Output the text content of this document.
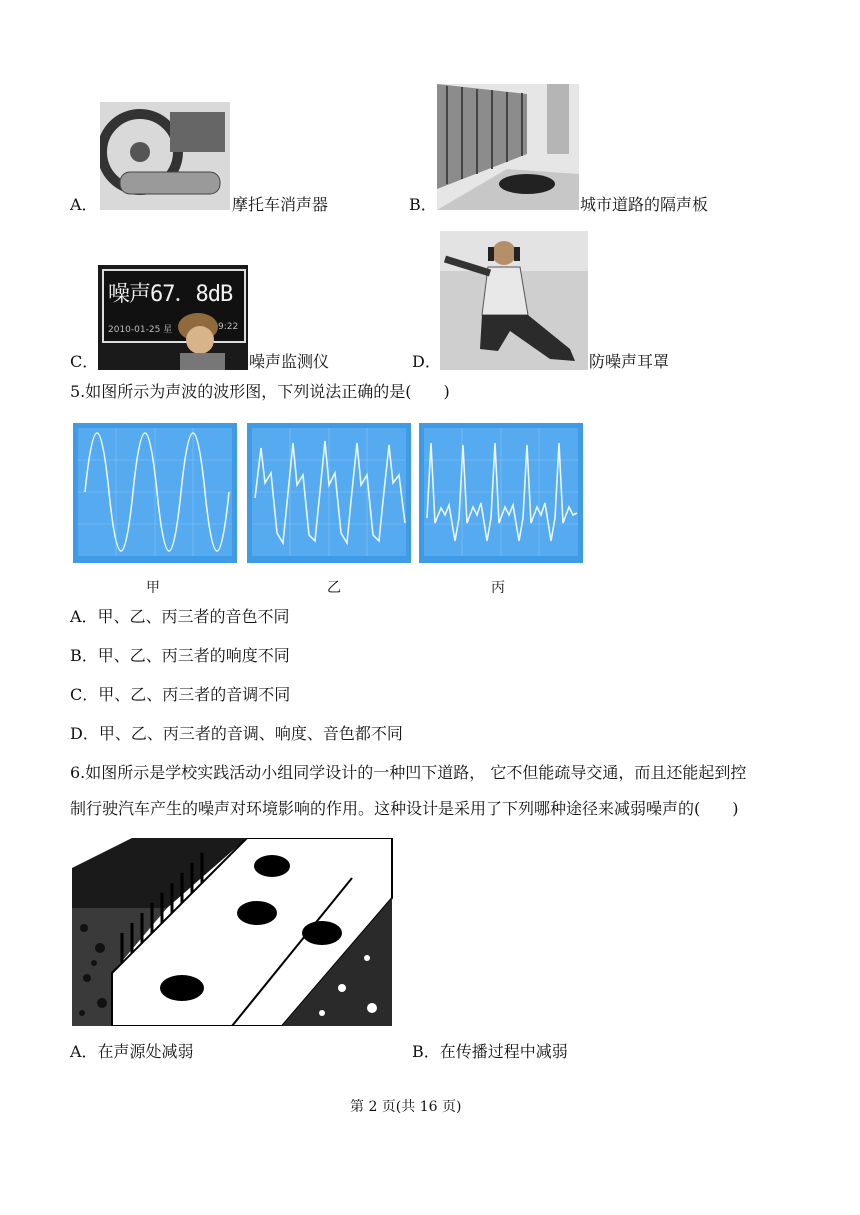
A．	摩托车消声器	B．	城市道路的隔声板
噪声67．8dB
2010-01-25 星	9:22
C．	噪声监测仪	D．	防噪声耳罩
5.如图所示为声波的波形图，下列说法正确的是(　　)
甲	乙	丙
A．甲、乙、丙三者的音色不同
B．甲、乙、丙三者的响度不同
C．甲、乙、丙三者的音调不同
D．甲、乙、丙三者的音调、响度、音色都不同
6.如图所示是学校实践活动小组同学设计的一种凹下道路， 它不但能疏导交通，而且还能起到控
制行驶汽车产生的噪声对环境影响的作用。这种设计是采用了下列哪种途径来减弱噪声的(　　)
A．在声源处减弱	B．在传播过程中减弱
第 2 页(共 16 页)
